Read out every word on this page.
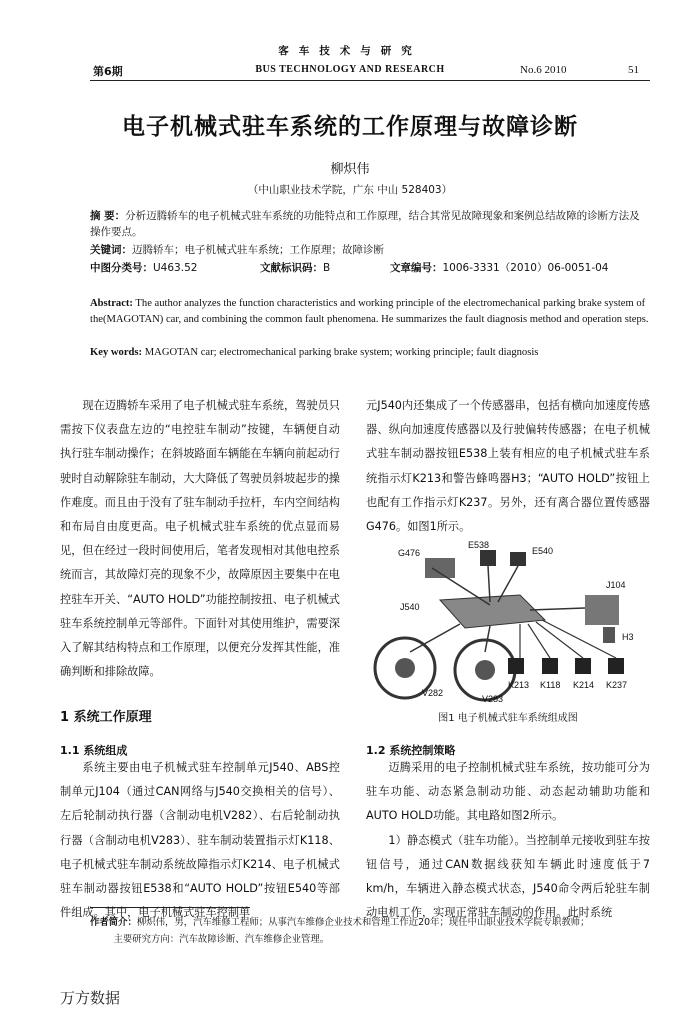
客车技术与研究
第6期	BUS TECHNOLOGY AND RESEARCH	No.6 2010	51
电子机械式驻车系统的工作原理与故障诊断
柳炽伟
（中山职业技术学院，广东 中山 528403）
摘 要：分析迈腾轿车的电子机械式驻车系统的功能特点和工作原理，结合其常见故障现象和案例总结故障的诊断方法及操作要点。
关键词：迈腾轿车；电子机械式驻车系统；工作原理；故障诊断
中图分类号：U463.52	文献标识码：B	文章编号：1006-3331（2010）06-0051-04
Abstract: The author analyzes the function characteristics and working principle of the electromechanical parking brake system of the(MAGOTAN) car, and combining the common fault phenomena. He summarizes the fault diagnosis method and operation steps.
Key words: MAGOTAN car; electromechanical parking brake system; working principle; fault diagnosis

现在迈腾轿车采用了电子机械式驻车系统，驾驶员只需按下仪表盘左边的“电控驻车制动”按键，车辆便自动执行驻车制动操作；在斜坡路面车辆能在车辆向前起动行驶时自动解除驻车制动，大大降低了驾驶员斜坡起步的操作难度。而且由于没有了驻车制动手拉杆，车内空间结构和布局自由度更高。电子机械式驻车系统的优点显而易见，但在经过一段时间使用后，笔者发现相对其他电控系统而言，其故障灯亮的现象不少，故障原因主要集中在电控驻车开关、“AUTO HOLD”功能控制按扭、电子机械式驻车系统控制单元等部件。下面针对其使用维护，需要深入了解其结构特点和工作原理，以便充分发挥其性能，准确判断和排除故障。

1 系统工作原理
1.1 系统组成

系统主要由电子机械式驻车控制单元J540、ABS控制单元J104（通过CAN网络与J540交换相关的信号）、左后轮制动执行器（含制动电机V282）、右后轮制动执行器（含制动电机V283）、驻车制动装置指示灯K118、电子机械式驻车制动系统故障指示灯K214、电子机械式驻车制动器按钮E538和“AUTO HOLD”按钮E540等部件组成。其中，电子机械式驻车控制单

元J540内还集成了一个传感器串，包括有横向加速度传感器、纵向加速度传感器以及行驶偏转传感器；在电子机械式驻车制动器按钮E538上装有相应的电子机械式驻车系统指示灯K213和警告蜂鸣器H3；“AUTO HOLD”按钮上也配有工作指示灯K237。另外，还有离合器位置传感器G476。如图1所示。

G476
E538
E540
J104
J540
H3
K213 K118 K214 K237
V282
V283
图1 电子机械式驻车系统组成图
1.2 系统控制策略

迈腾采用的电子控制机械式驻车系统，按功能可分为驻车功能、动态紧急制动功能、动态起动辅助功能和AUTO HOLD功能。其电路如图2所示。

1）静态模式（驻车功能）。当控制单元接收到驻车按钮信号，通过CAN数据线获知车辆此时速度低于7 km/h，车辆进入静态模式状态，J540命令两后轮驻车制动电机工作，实现正常驻车制动的作用。此时系统

作者简介：柳炽伟，男，汽车维修工程师；从事汽车维修企业技术和管理工作近20年；现任中山职业技术学院专职教师；
主要研究方向：汽车故障诊断、汽车维修企业管理。
万方数据
